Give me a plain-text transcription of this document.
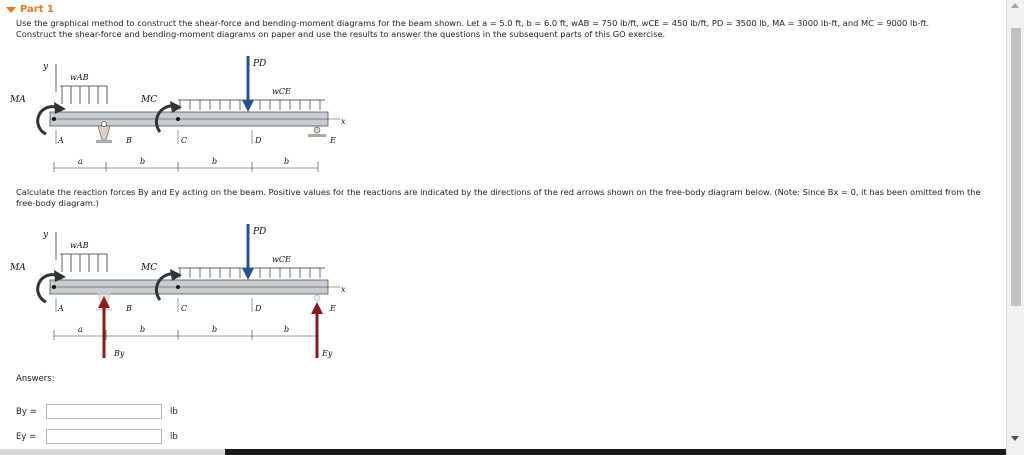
Part 1
Use the graphical method to construct the shear-force and bending-moment diagrams for the beam shown. Let a = 5.0 ft, b = 6.0 ft, wAB = 750 lb/ft, wCE = 450 lb/ft, PD = 3500 lb, MA = 3000 lb-ft, and MC = 9000 lb-ft.
Construct the shear-force and bending-moment diagrams on paper and use the results to answer the questions in the subsequent parts of this GO exercise.
y
wAB
wCE
PD
x
MA	MC
A	B	C	D	E
a	b	b	b
Calculate the reaction forces By and Ey acting on the beam. Positive values for the reactions are indicated by the directions of the red arrows shown on the free-body diagram below. (Note: Since Bx = 0, it has been omitted from the free-body diagram.)
y
wAB
wCE
PD
x
MA	MC
By	Ey
A	B	C	D	E
a	b	b	b
Answers:
By =	lb
Ey =	lb
